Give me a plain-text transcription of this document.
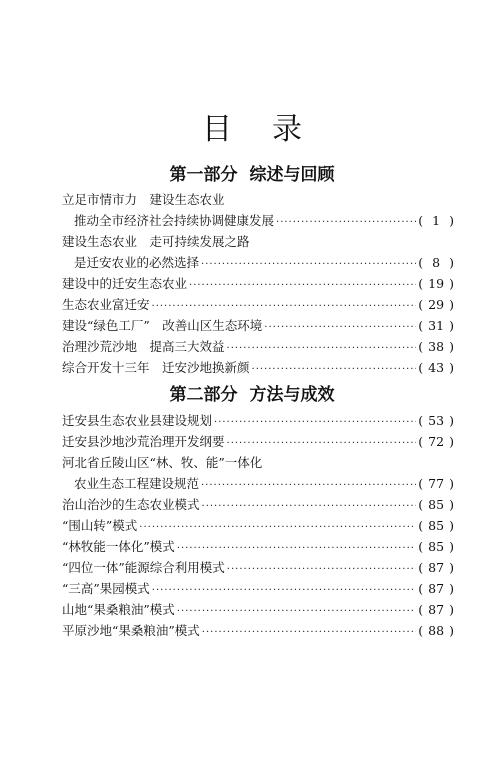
目录
第一部分 综述与回顾
立足市情市力　建设生态农业
推动全市经济社会持续协调健康发展 ·····	( 1 )
建设生态农业　走可持续发展之路
是迁安农业的必然选择 ·····	( 8 )
建设中的迁安生态农业 ·····	( 19 )
生态农业富迁安 ·····	( 29 )
建设“绿色工厂”　改善山区生态环境 ·····	( 31 )
治理沙荒沙地　提高三大效益 ·····	( 38 )
综合开发十三年　迁安沙地换新颜 ·····	( 43 )
第二部分 方法与成效
迁安县生态农业县建设规划 ·····	( 53 )
迁安县沙地沙荒治理开发纲要 ·····	( 72 )
河北省丘陵山区“林、牧、能”一体化
农业生态工程建设规范 ·····	( 77 )
治山治沙的生态农业模式 ·····	( 85 )
“围山转”模式 ·····	( 85 )
“林牧能一体化”模式 ·····	( 85 )
“四位一体”能源综合利用模式 ·····	( 87 )
“三高”果园模式 ·····	( 87 )
山地“果桑粮油”模式 ·····	( 87 )
平原沙地“果桑粮油”模式 ·····	( 88 )
